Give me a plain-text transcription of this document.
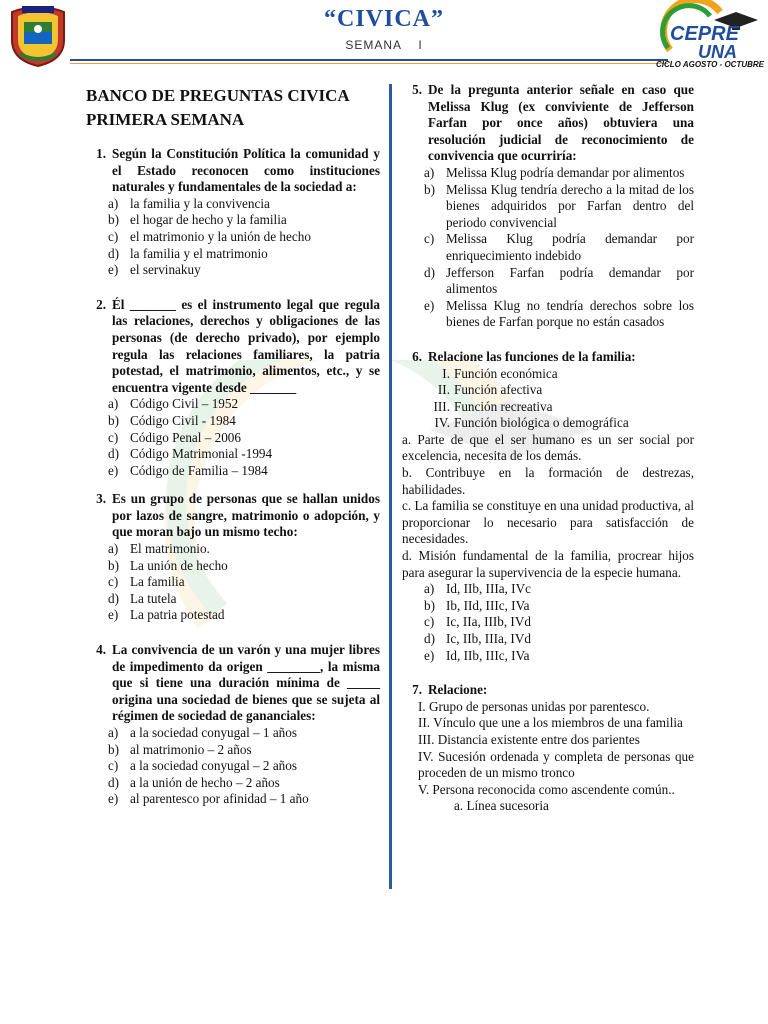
“CIVICA”
SEMANA I	CEPRE
UNA
CICLO AGOSTO - OCTUBRE
BANCO DE PREGUNTAS CIVICA
PRIMERA SEMANA
1. Según la Constitución Política la comunidad y el Estado reconocen como instituciones naturales y fundamentales de la sociedad a:
a) la familia y la convivencia
b) el hogar de hecho y la familia
c) el matrimonio y la unión de hecho
d) la familia y el matrimonio
e) el servinakuy
2. Él _______ es el instrumento legal que regula las relaciones, derechos y obligaciones de las personas (de derecho privado), por ejemplo regula las relaciones familiares, la patria potestad, el matrimonio, alimentos, etc., y se encuentra vigente desde _______
a) Código Civil – 1952
b) Código Civil - 1984
c) Código Penal – 2006
d) Código Matrimonial -1994
e) Código de Familia – 1984
3. Es un grupo de personas que se hallan unidos por lazos de sangre, matrimonio o adopción, y que moran bajo un mismo techo:
a) El matrimonio.
b) La unión de hecho
c) La familia
d) La tutela
e) La patria potestad
4. La convivencia de un varón y una mujer libres de impedimento da origen ________, la misma que si tiene una duración mínima de _____ origina una sociedad de bienes que se sujeta al régimen de sociedad de gananciales:
a) a la sociedad conyugal – 1 años
b) al matrimonio – 2 años
c) a la sociedad conyugal – 2 años
d) a la unión de hecho – 2 años
e) al parentesco por afinidad – 1 año
5. De la pregunta anterior señale en caso que Melissa Klug (ex conviviente de Jefferson Farfan por once años) obtuviera una resolución judicial de reconocimiento de convivencia que ocurriría:
a) Melissa Klug podría demandar por alimentos
b) Melissa Klug tendría derecho a la mitad de los bienes adquiridos por Farfan dentro del periodo convivencial
c) Melissa Klug podría demandar por enriquecimiento indebido
d) Jefferson Farfan podría demandar por alimentos
e) Melissa Klug no tendría derechos sobre los bienes de Farfan porque no están casados
6. Relacione las funciones de la familia:
I. Función económica
II. Función afectiva
III. Función recreativa
IV. Función biológica o demográfica
a. Parte de que el ser humano es un ser social por excelencia, necesita de los demás.
b. Contribuye en la formación de destrezas, habilidades.
c. La familia se constituye en una unidad productiva, al proporcionar lo necesario para satisfacción de necesidades.
d. Misión fundamental de la familia, procrear hijos para asegurar la supervivencia de la especie humana.
a) Id, IIb, IIIa, IVc
b) Ib, IId, IIIc, IVa
c) Ic, IIa, IIIb, IVd
d) Ic, IIb, IIIa, IVd
e) Id, IIb, IIIc, IVa
7. Relacione:
I. Grupo de personas unidas por parentesco.
II. Vínculo que une a los miembros de una familia
III. Distancia existente entre dos parientes
IV. Sucesión ordenada y completa de personas que proceden de un mismo tronco
V. Persona reconocida como ascendente común..
a. Línea sucesoria
